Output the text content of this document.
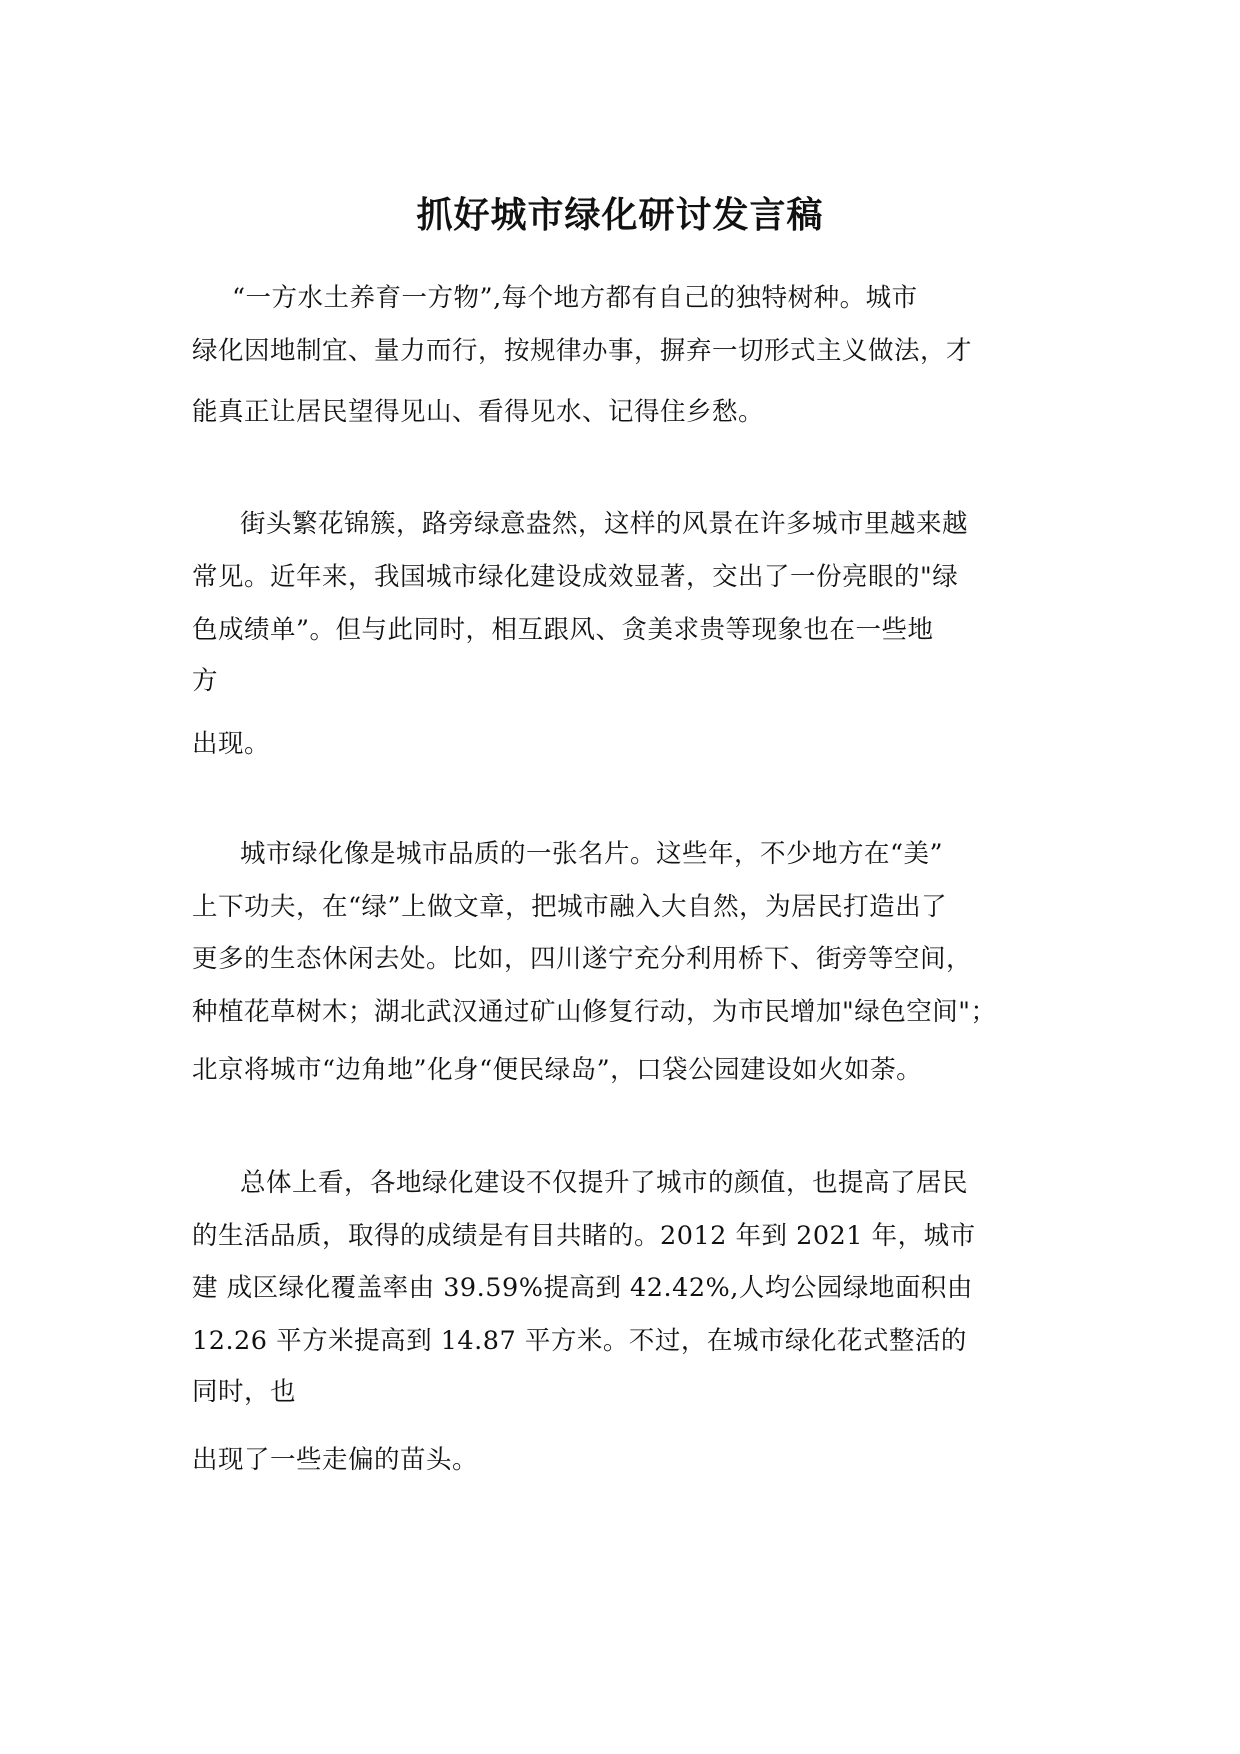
抓好城市绿化研讨发言稿
“一方水土养育一方物”,每个地方都有自己的独特树种。城市
绿化因地制宜、量力而行，按规律办事，摒弃一切形式主义做法，才
能真正让居民望得见山、看得见水、记得住乡愁。
街头繁花锦簇，路旁绿意盎然，这样的风景在许多城市里越来越
常见。近年来，我国城市绿化建设成效显著，交出了一份亮眼的"绿
色成绩单”。但与此同时，相互跟风、贪美求贵等现象也在一些地
方
出现。
城市绿化像是城市品质的一张名片。这些年，不少地方在“美”
上下功夫，在“绿”上做文章，把城市融入大自然，为居民打造出了
更多的生态休闲去处。比如，四川遂宁充分利用桥下、街旁等空间，
种植花草树木；湖北武汉通过矿山修复行动，为市民增加"绿色空间"；
北京将城市“边角地”化身“便民绿岛”，口袋公园建设如火如荼。
总体上看，各地绿化建设不仅提升了城市的颜值，也提高了居民
的生活品质，取得的成绩是有目共睹的。2012 年到 2021 年，城市
建 成区绿化覆盖率由 39.59%提高到 42.42%,人均公园绿地面积由
12.26 平方米提高到 14.87 平方米。不过，在城市绿化花式整活的
同时，也
出现了一些走偏的苗头。
